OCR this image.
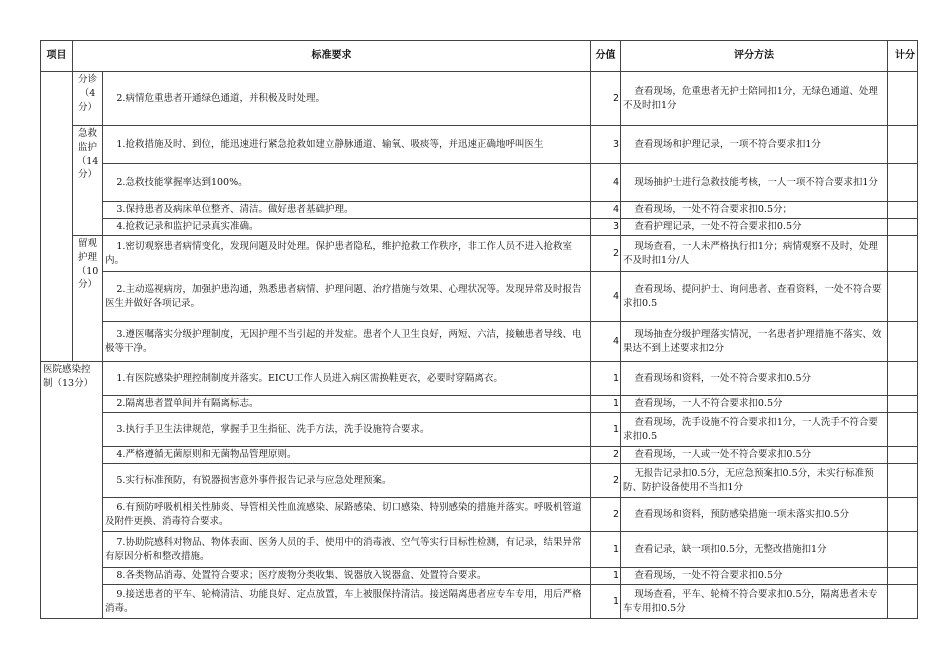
项目	标准要求		分值	评分方法	计分

	分诊（4分）	2.病情危重患者开通绿色通道，并积极及时处理。	2	查看现场，危重患者无护士陪同扣1分，无绿色通道、处理不及时扣1分	

	急救监护（14分）	1.抢救措施及时、到位，能迅速进行紧急抢救如建立静脉通道、输氧、吸痰等，并迅速正确地呼叫医生	3	查看现场和护理记录，一项不符合要求扣1分	
		2.急救技能掌握率达到100%。	4	现场抽护士进行急救技能考核，一人一项不符合要求扣1分	
		3.保持患者及病床单位整齐、清洁。做好患者基础护理。	4	查看现场，一处不符合要求扣0.5分；	
		4.抢救记录和监护记录真实准确。	3	查看护理记录，一处不符合要求扣0.5分	

	留观护理（10分）	1.密切观察患者病情变化，发现问题及时处理。保护患者隐私，维护抢救工作秩序，非工作人员不进入抢救室内。	2	现场查看，一人未严格执行扣1分；病情观察不及时，处理不及时扣1分/人	
		2.主动巡视病房，加强护患沟通，熟悉患者病情、护理问题、治疗措施与效果、心理状况等。发现异常及时报告医生并做好各项记录。	4	查看现场、提问护士、询问患者、查看资料，一处不符合要求扣0.5	
		3.遵医嘱落实分级护理制度，无因护理不当引起的并发症。患者个人卫生良好，两短、六洁，接触患者导线、电极等干净。	4	现场抽查分级护理落实情况，一名患者护理措施不落实、效果达不到上述要求扣2分	

医院感染控制（13分）		1.有医院感染护理控制制度并落实。EICU工作人员进入病区需换鞋更衣，必要时穿隔离衣。	1	查看现场和资料，一处不符合要求扣0.5分	
		2.隔离患者置单间并有隔离标志。	1	查看现场，一人不符合要求扣0.5分	
		3.执行手卫生法律规范，掌握手卫生指征、洗手方法，洗手设施符合要求。	1	查看现场，洗手设施不符合要求扣1分，一人洗手不符合要求扣0.5	
		4.严格遵循无菌原则和无菌物品管理原则。	2	查看现场，一人或一处不符合要求扣0.5分	
		5.实行标准预防，有锐器损害意外事件报告记录与应急处理预案。	2	无报告记录扣0.5分，无应急预案扣0.5分，未实行标准预防、防护设备使用不当扣1分	
		6.有预防呼吸机相关性肺炎、导管相关性血流感染、尿路感染、切口感染、特别感染的措施并落实。呼吸机管道及附件更换、消毒符合要求。	2	查看现场和资料，预防感染措施一项未落实扣0.5分	
		7.协助院感科对物品、物体表面、医务人员的手、使用中的消毒液、空气等实行目标性检测，有记录，结果异常有原因分析和整改措施。	1	查看记录，缺一项扣0.5分，无整改措施扣1分	
		8.各类物品消毒、处置符合要求；医疗废物分类收集、锐器放入锐器盒、处置符合要求。	1	查看现场，一处不符合要求扣0.5分	
		9.接送患者的平车、轮椅清洁、功能良好、定点放置，车上被服保持清洁。接送隔离患者应专车专用，用后严格消毒。	1	现场查看，平车、轮椅不符合要求扣0.5分，隔离患者未专车专用扣0.5分	
